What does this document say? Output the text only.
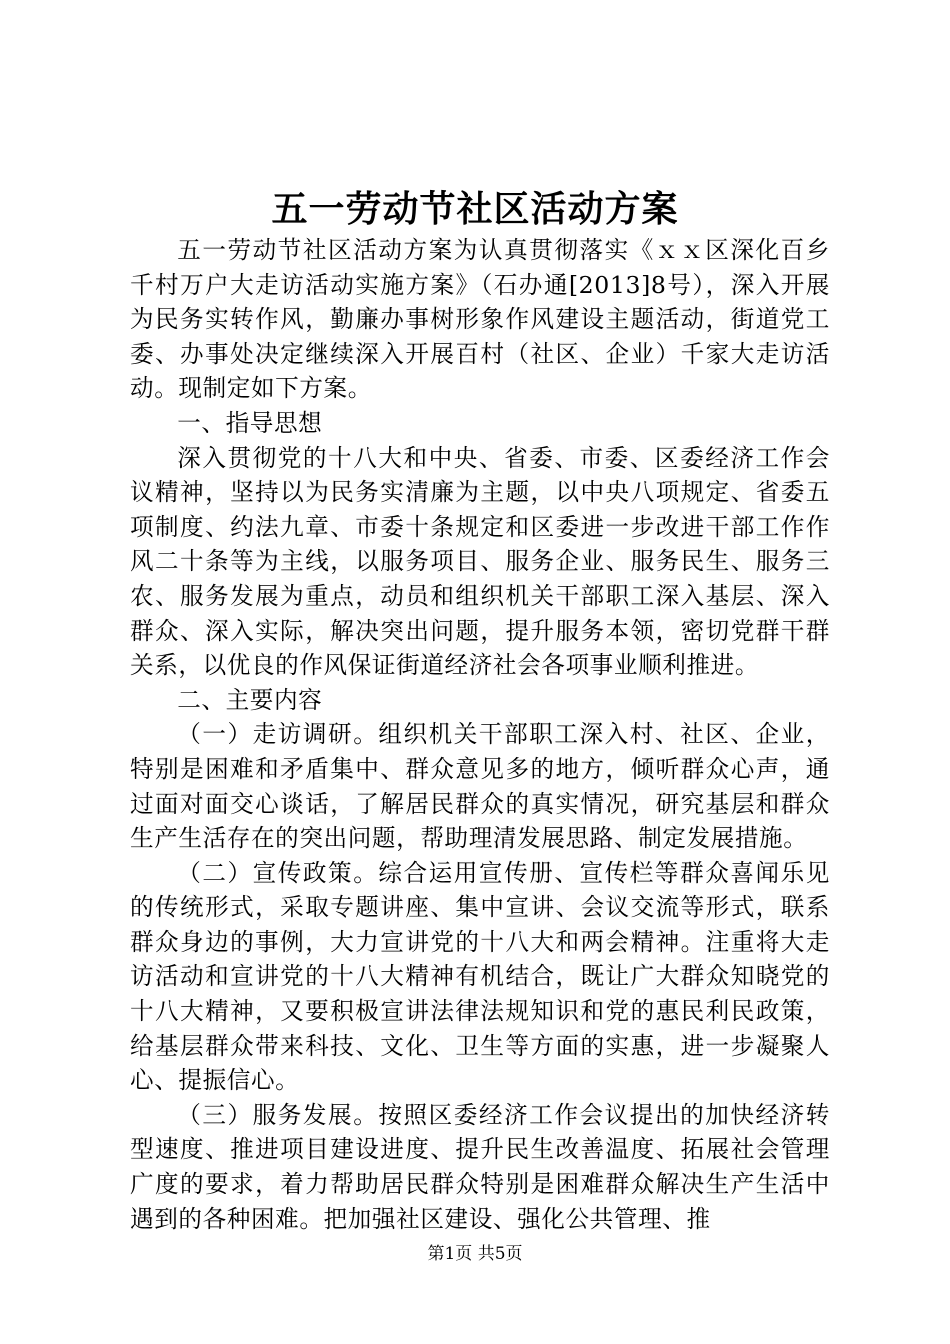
五一劳动节社区活动方案

五一劳动节社区活动方案为认真贯彻落实《ｘｘ区深化百乡千村万户大走访活动实施方案》（石办通[2013]8号），深入开展为民务实转作风，勤廉办事树形象作风建设主题活动，街道党工委、办事处决定继续深入开展百村（社区、企业）千家大走访活动。现制定如下方案。

一、指导思想

深入贯彻党的十八大和中央、省委、市委、区委经济工作会议精神，坚持以为民务实清廉为主题，以中央八项规定、省委五项制度、约法九章、市委十条规定和区委进一步改进干部工作作风二十条等为主线，以服务项目、服务企业、服务民生、服务三农、服务发展为重点，动员和组织机关干部职工深入基层、深入群众、深入实际，解决突出问题，提升服务本领，密切党群干群关系，以优良的作风保证街道经济社会各项事业顺利推进。

二、主要内容

（一）走访调研。组织机关干部职工深入村、社区、企业，特别是困难和矛盾集中、群众意见多的地方，倾听群众心声，通过面对面交心谈话，了解居民群众的真实情况，研究基层和群众生产生活存在的突出问题，帮助理清发展思路、制定发展措施。

（二）宣传政策。综合运用宣传册、宣传栏等群众喜闻乐见的传统形式，采取专题讲座、集中宣讲、会议交流等形式，联系群众身边的事例，大力宣讲党的十八大和两会精神。注重将大走访活动和宣讲党的十八大精神有机结合，既让广大群众知晓党的十八大精神，又要积极宣讲法律法规知识和党的惠民利民政策，给基层群众带来科技、文化、卫生等方面的实惠，进一步凝聚人心、提振信心。

（三）服务发展。按照区委经济工作会议提出的加快经济转型速度、推进项目建设进度、提升民生改善温度、拓展社会管理广度的要求，着力帮助居民群众特别是困难群众解决生产生活中遇到的各种困难。把加强社区建设、强化公共管理、推

第1页 共5页
